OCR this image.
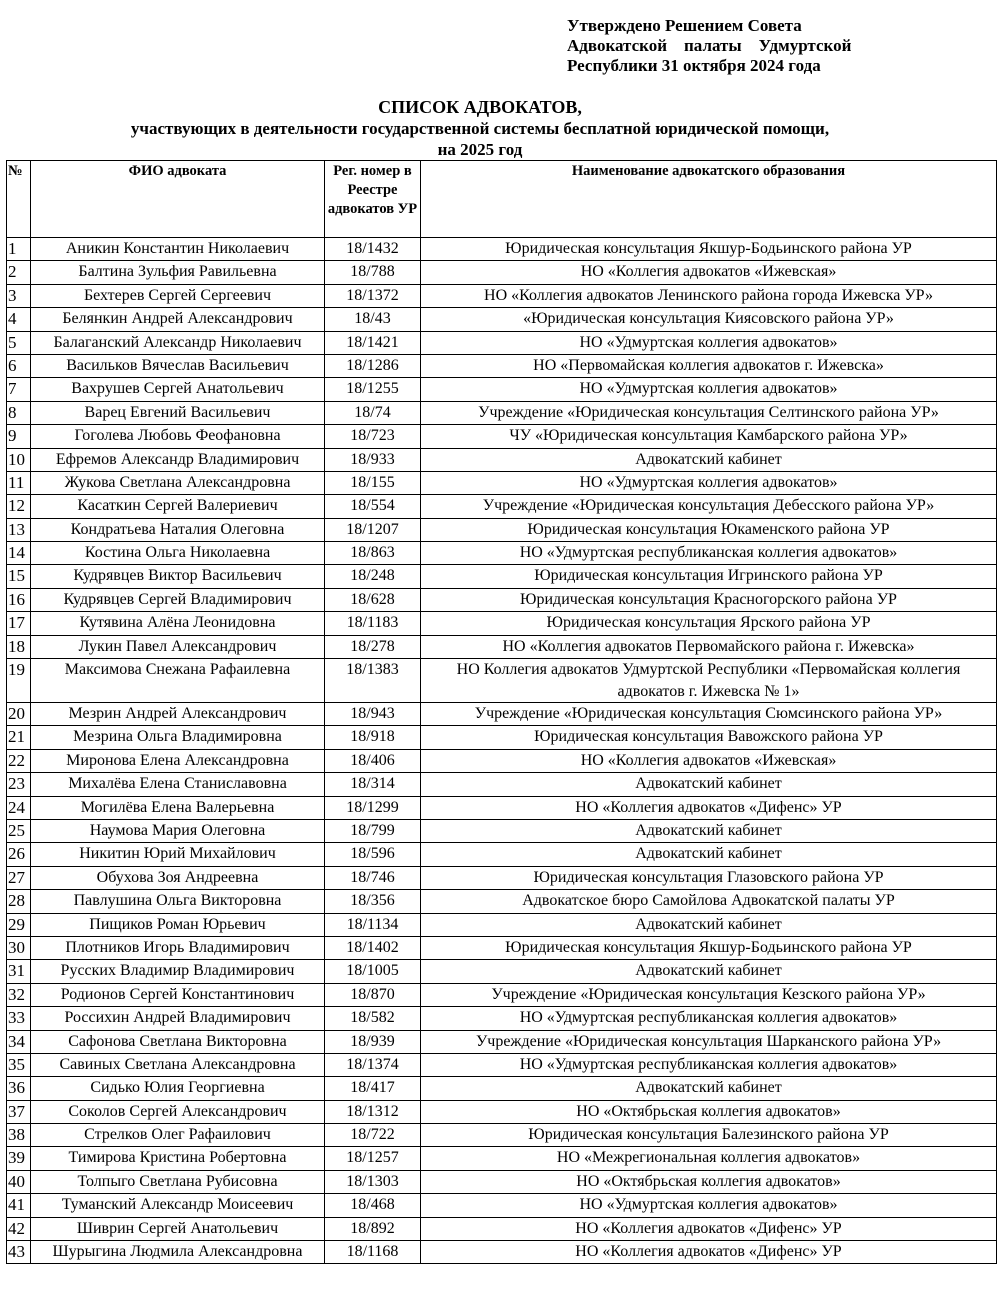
Утверждено Решением Совета
Адвокатской    палаты    Удмуртской
Республики 31 октября 2024 года
СПИСОК АДВОКАТОВ,
участвующих в деятельности государственной системы бесплатной юридической помощи,
на 2025 год
№	ФИО адвоката	Рег. номер в Реестре адвокатов УР	Наименование адвокатского образования
1	Аникин Константин Николаевич	18/1432	Юридическая консультация Якшур-Бодьинского района УР
2	Балтина Зульфия Равильевна	18/788	НО «Коллегия адвокатов «Ижевская»
3	Бехтерев Сергей Сергеевич	18/1372	НО «Коллегия адвокатов Ленинского района города Ижевска УР»
4	Белянкин Андрей Александрович	18/43	«Юридическая консультация Киясовского района УР»
5	Балаганский Александр Николаевич	18/1421	НО «Удмуртская коллегия адвокатов»
6	Васильков Вячеслав Васильевич	18/1286	НО «Первомайская коллегия адвокатов г. Ижевска»
7	Вахрушев Сергей Анатольевич	18/1255	НО «Удмуртская коллегия адвокатов»
8	Варец Евгений Васильевич	18/74	Учреждение «Юридическая консультация Селтинского района УР»
9	Гоголева Любовь Феофановна	18/723	ЧУ «Юридическая консультация Камбарского района УР»
10	Ефремов Александр Владимирович	18/933	Адвокатский кабинет
11	Жукова Светлана Александровна	18/155	НО «Удмуртская коллегия адвокатов»
12	Касаткин Сергей Валериевич	18/554	Учреждение «Юридическая консультация Дебесского района УР»
13	Кондратьева Наталия Олеговна	18/1207	Юридическая консультация Юкаменского района УР
14	Костина Ольга Николаевна	18/863	НО «Удмуртская республиканская коллегия адвокатов»
15	Кудрявцев Виктор Васильевич	18/248	Юридическая консультация Игринского района УР
16	Кудрявцев Сергей Владимирович	18/628	Юридическая консультация Красногорского района УР
17	Кутявина Алёна Леонидовна	18/1183	Юридическая консультация Ярского района УР
18	Лукин Павел Александрович	18/278	НО «Коллегия адвокатов Первомайского района г. Ижевска»
19	Максимова Снежана Рафаилевна	18/1383	НО Коллегия адвокатов Удмуртской Республики «Первомайская коллегия адвокатов г. Ижевска № 1»
20	Мезрин Андрей Александрович	18/943	Учреждение «Юридическая консультация Сюмсинского района УР»
21	Мезрина Ольга Владимировна	18/918	Юридическая консультация Вавожского района УР
22	Миронова Елена Александровна	18/406	НО «Коллегия адвокатов «Ижевская»
23	Михалёва Елена Станиславовна	18/314	Адвокатский кабинет
24	Могилёва Елена Валерьевна	18/1299	НО «Коллегия адвокатов «Дифенс» УР
25	Наумова Мария Олеговна	18/799	Адвокатский кабинет
26	Никитин Юрий Михайлович	18/596	Адвокатский кабинет
27	Обухова Зоя Андреевна	18/746	Юридическая консультация Глазовского района УР
28	Павлушина Ольга Викторовна	18/356	Адвокатское бюро Самойлова Адвокатской палаты УР
29	Пищиков Роман Юрьевич	18/1134	Адвокатский кабинет
30	Плотников Игорь Владимирович	18/1402	Юридическая консультация Якшур-Бодьинского района УР
31	Русских Владимир Владимирович	18/1005	Адвокатский кабинет
32	Родионов Сергей Константинович	18/870	Учреждение «Юридическая консультация Кезского района УР»
33	Россихин Андрей Владимирович	18/582	НО «Удмуртская республиканская коллегия адвокатов»
34	Сафонова Светлана Викторовна	18/939	Учреждение «Юридическая консультация Шарканского района УР»
35	Савиных Светлана Александровна	18/1374	НО «Удмуртская республиканская коллегия адвокатов»
36	Сидько Юлия Георгиевна	18/417	Адвокатский кабинет
37	Соколов Сергей Александрович	18/1312	НО «Октябрьская коллегия адвокатов»
38	Стрелков Олег Рафаилович	18/722	Юридическая консультация Балезинского района УР
39	Тимирова Кристина Робертовна	18/1257	НО «Межрегиональная коллегия адвокатов»
40	Толпыго Светлана Рубисовна	18/1303	НО «Октябрьская коллегия адвокатов»
41	Туманский Александр Моисеевич	18/468	НО «Удмуртская коллегия адвокатов»
42	Шиврин Сергей Анатольевич	18/892	НО «Коллегия адвокатов «Дифенс» УР
43	Шурыгина Людмила Александровна	18/1168	НО «Коллегия адвокатов «Дифенс» УР
